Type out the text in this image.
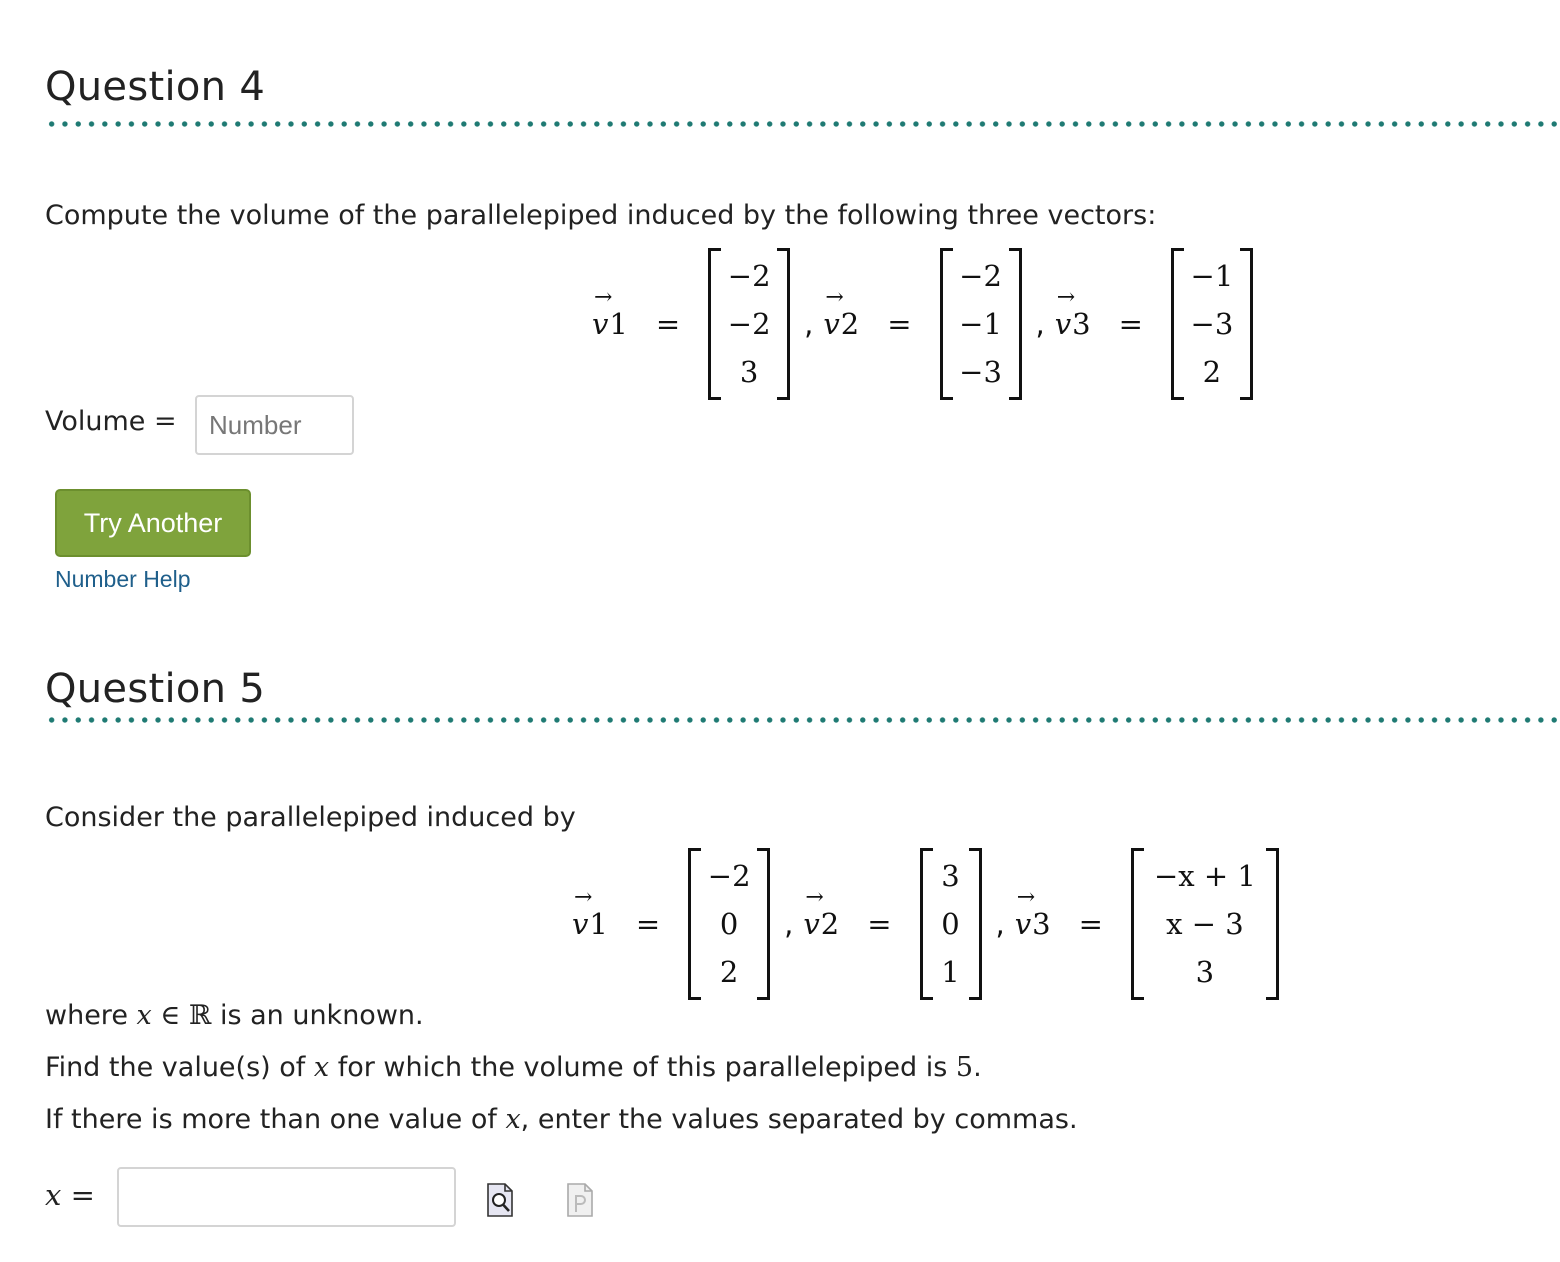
Question 4
Compute the volume of the parallelepiped induced by the following three vectors:
→
v 1 =
−2
−2
3
,
→
v 2 =
−2
−1
−3
,
→
v 3 =
−1
−3
2
Volume = Number
Try Another
Number Help
Question 5
Consider the parallelepiped induced by
→
v 1 =
−2
0
2
,
→
v 2 =
3
0
1
,
→
v 3 =
−x + 1
x − 3
3
where x ∈ ℝ is an unknown.
Find the value(s) of x for which the volume of this parallelepiped is 5.
If there is more than one value of x, enter the values separated by commas.
x =
